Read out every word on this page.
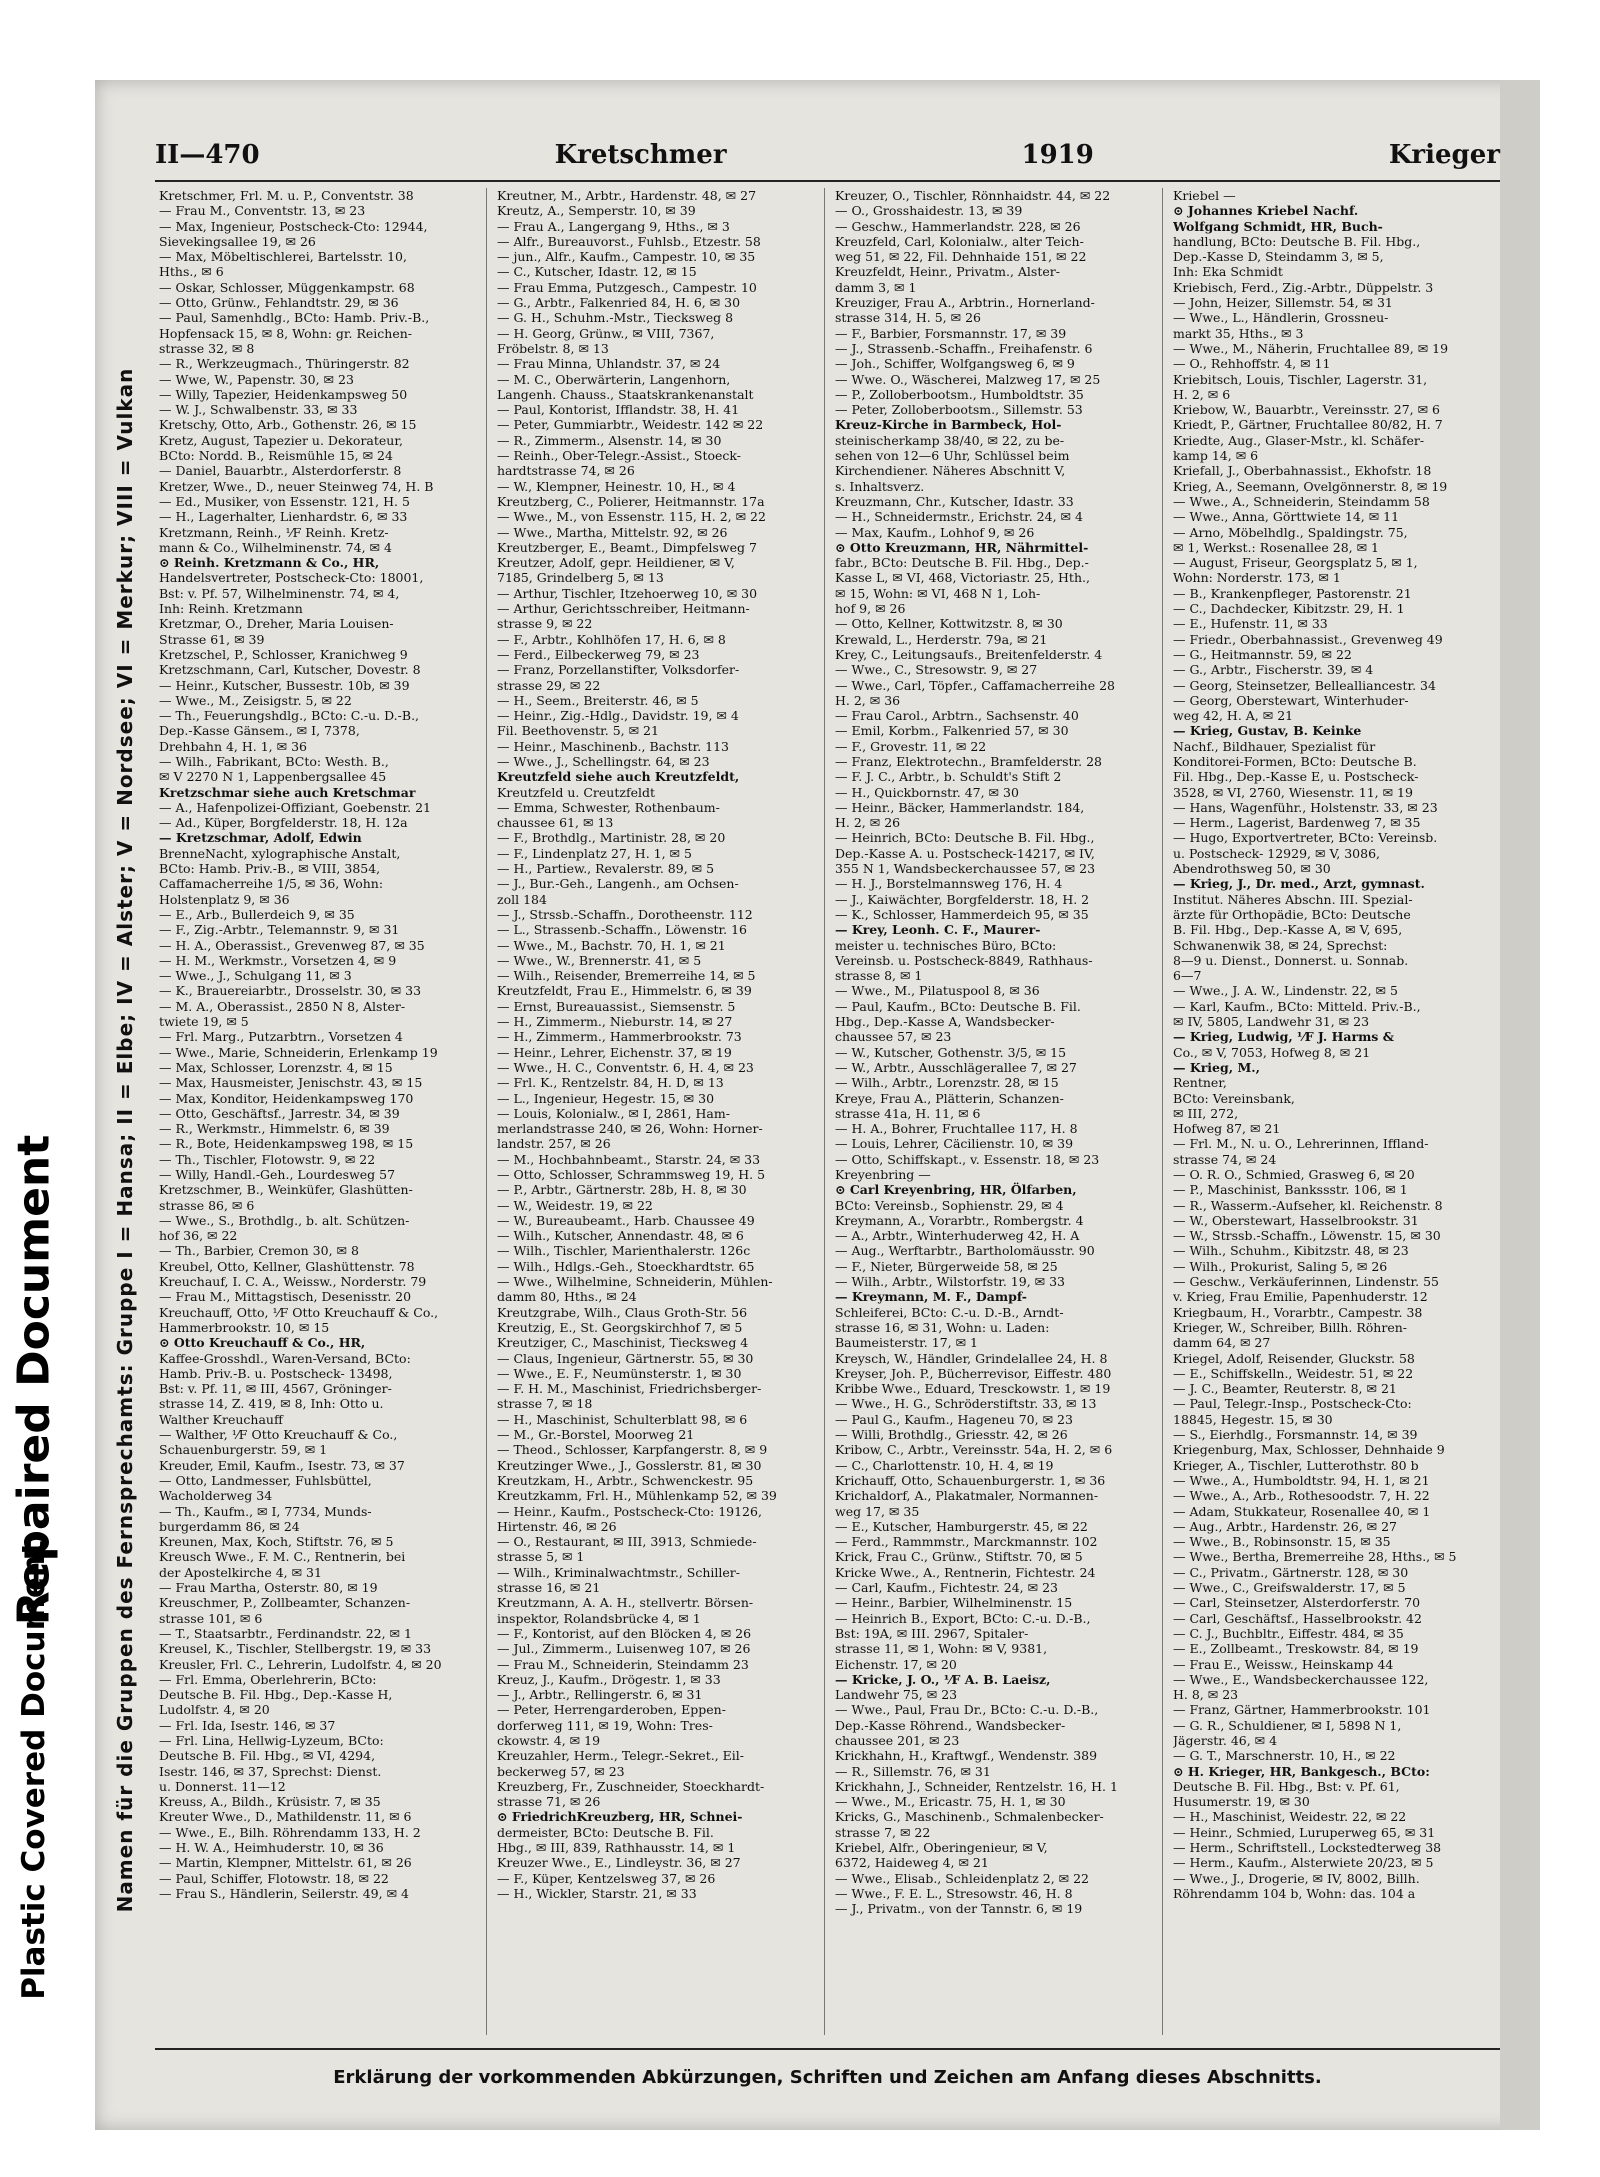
Repaired Document
Plastic Covered Document	Namen für die Gruppen des Fernsprechamts: Gruppe I = Hansa; II = Elbe; IV = Alster; V = Nordsee; VI = Merkur; VIII = Vulkan
II—470	Kretschmer	1919	Krieger
Kretschmer, Frl. M. u. P., Conventstr. 38
— Frau M., Conventstr. 13, ✉ 23
— Max, Ingenieur, Postscheck-Cto: 12944,
Sievekingsallee 19, ✉ 26
— Max, Möbeltischlerei, Bartelsstr. 10,
Hths., ✉ 6
— Oskar, Schlosser, Müggenkampstr. 68
— Otto, Grünw., Fehlandtstr. 29, ✉ 36
— Paul, Samenhdlg., BCto: Hamb. Priv.-B.,
Hopfensack 15, ✉ 8, Wohn: gr. Reichen-
strasse 32, ✉ 8
— R., Werkzeugmach., Thüringerstr. 82
— Wwe, W., Papenstr. 30, ✉ 23
— Willy, Tapezier, Heidenkampsweg 50
— W. J., Schwalbenstr. 33, ✉ 33
Kretschy, Otto, Arb., Gothenstr. 26, ✉ 15
Kretz, August, Tapezier u. Dekorateur,
BCto: Nordd. B., Reismühle 15, ✉ 24
— Daniel, Bauarbtr., Alsterdorferstr. 8
Kretzer, Wwe., D., neuer Steinweg 74, H. B
— Ed., Musiker, von Essenstr. 121, H. 5
— H., Lagerhalter, Lienhardstr. 6, ✉ 33
Kretzmann, Reinh., ⅟F Reinh. Kretz-
mann & Co., Wilhelminenstr. 74, ✉ 4
⊙ Reinh. Kretzmann & Co., HR,
Handelsvertreter, Postscheck-Cto: 18001,
Bst: v. Pf. 57, Wilhelminenstr. 74, ✉ 4,
Inh: Reinh. Kretzmann
Kretzmar, O., Dreher, Maria Louisen-
Strasse 61, ✉ 39
Kretzschel, P., Schlosser, Kranichweg 9
Kretzschmann, Carl, Kutscher, Dovestr. 8
— Heinr., Kutscher, Bussestr. 10b, ✉ 39
— Wwe., M., Zeisigstr. 5, ✉ 22
— Th., Feuerungshdlg., BCto: C.-u. D.-B.,
Dep.-Kasse Gänsem., ✉ I, 7378,
Drehbahn 4, H. 1, ✉ 36
— Wilh., Fabrikant, BCto: Westh. B.,
✉ V 2270 N 1, Lappenbergsallee 45
Kretzschmar siehe auch Kretschmar
— A., Hafenpolizei-Offiziant, Goebenstr. 21
— Ad., Küper, Borgfelderstr. 18, H. 12a
— Kretzschmar, Adolf, Edwin
BrenneNacht, xylographische Anstalt,
BCto: Hamb. Priv.-B., ✉ VIII, 3854,
Caffamacherreihe 1/5, ✉ 36, Wohn:
Holstenplatz 9, ✉ 36
— E., Arb., Bullerdeich 9, ✉ 35
— F., Zig.-Arbtr., Telemannstr. 9, ✉ 31
— H. A., Oberassist., Grevenweg 87, ✉ 35
— H. M., Werkmstr., Vorsetzen 4, ✉ 9
— Wwe., J., Schulgang 11, ✉ 3
— K., Brauereiarbtr., Drosselstr. 30, ✉ 33
— M. A., Oberassist., 2850 N 8, Alster-
twiete 19, ✉ 5
— Frl. Marg., Putzarbtrn., Vorsetzen 4
— Wwe., Marie, Schneiderin, Erlenkamp 19
— Max, Schlosser, Lorenzstr. 4, ✉ 15
— Max, Hausmeister, Jenischstr. 43, ✉ 15
— Max, Konditor, Heidenkampsweg 170
— Otto, Geschäftsf., Jarrestr. 34, ✉ 39
— R., Werkmstr., Himmelstr. 6, ✉ 39
— R., Bote, Heidenkampsweg 198, ✉ 15
— Th., Tischler, Flotowstr. 9, ✉ 22
— Willy, Handl.-Geh., Lourdesweg 57
Kretzschmer, B., Weinküfer, Glashütten-
strasse 86, ✉ 6
— Wwe., S., Brothdlg., b. alt. Schützen-
hof 36, ✉ 22
— Th., Barbier, Cremon 30, ✉ 8
Kreubel, Otto, Kellner, Glashüttenstr. 78
Kreuchauf, I. C. A., Weissw., Norderstr. 79
— Frau M., Mittagstisch, Desenisstr. 20
Kreuchauff, Otto, ⅟F Otto Kreuchauff & Co.,
Hammerbrookstr. 10, ✉ 15
⊙ Otto Kreuchauff & Co., HR,
Kaffee-Grosshdl., Waren-Versand, BCto:
Hamb. Priv.-B. u. Postscheck- 13498,
Bst: v. Pf. 11, ✉ III, 4567, Gröninger-
strasse 14, Z. 419, ✉ 8, Inh: Otto u.
Walther Kreuchauff
— Walther, ⅟F Otto Kreuchauff & Co.,
Schauenburgerstr. 59, ✉ 1
Kreuder, Emil, Kaufm., Isestr. 73, ✉ 37
— Otto, Landmesser, Fuhlsbüttel,
Wacholderweg 34
— Th., Kaufm., ✉ I, 7734, Munds-
burgerdamm 86, ✉ 24
Kreunen, Max, Koch, Stiftstr. 76, ✉ 5
Kreusch Wwe., F. M. C., Rentnerin, bei
der Apostelkirche 4, ✉ 31
— Frau Martha, Osterstr. 80, ✉ 19
Kreuschmer, P., Zollbeamter, Schanzen-
strasse 101, ✉ 6
— T., Staatsarbtr., Ferdinandstr. 22, ✉ 1
Kreusel, K., Tischler, Stellbergstr. 19, ✉ 33
Kreusler, Frl. C., Lehrerin, Ludolfstr. 4, ✉ 20
— Frl. Emma, Oberlehrerin, BCto:
Deutsche B. Fil. Hbg., Dep.-Kasse H,
Ludolfstr. 4, ✉ 20
— Frl. Ida, Isestr. 146, ✉ 37
— Frl. Lina, Hellwig-Lyzeum, BCto:
Deutsche B. Fil. Hbg., ✉ VI, 4294,
Isestr. 146, ✉ 37, Sprechst: Dienst.
u. Donnerst. 11—12
Kreuss, A., Bildh., Krüsistr. 7, ✉ 35
Kreuter Wwe., D., Mathildenstr. 11, ✉ 6
— Wwe., E., Bilh. Röhrendamm 133, H. 2
— H. W. A., Heimhuderstr. 10, ✉ 36
— Martin, Klempner, Mittelstr. 61, ✉ 26
— Paul, Schiffer, Flotowstr. 18, ✉ 22
— Frau S., Händlerin, Seilerstr. 49, ✉ 4
Kreutner, M., Arbtr., Hardenstr. 48, ✉ 27
Kreutz, A., Semperstr. 10, ✉ 39
— Frau A., Langergang 9, Hths., ✉ 3
— Alfr., Bureauvorst., Fuhlsb., Etzestr. 58
— jun., Alfr., Kaufm., Campestr. 10, ✉ 35
— C., Kutscher, Idastr. 12, ✉ 15
— Frau Emma, Putzgesch., Campestr. 10
— G., Arbtr., Falkenried 84, H. 6, ✉ 30
— G. H., Schuhm.-Mstr., Tiecksweg 8
— H. Georg, Grünw., ✉ VIII, 7367,
Fröbelstr. 8, ✉ 13
— Frau Minna, Uhlandstr. 37, ✉ 24
— M. C., Oberwärterin, Langenhorn,
Langenh. Chauss., Staatskrankenanstalt
— Paul, Kontorist, Ifflandstr. 38, H. 41
— Peter, Gummiarbtr., Weidestr. 142 ✉ 22
— R., Zimmerm., Alsenstr. 14, ✉ 30
— Reinh., Ober-Telegr.-Assist., Stoeck-
hardtstrasse 74, ✉ 26
— W., Klempner, Heinestr. 10, H., ✉ 4
Kreutzberg, C., Polierer, Heitmannstr. 17a
— Wwe., M., von Essenstr. 115, H. 2, ✉ 22
— Wwe., Martha, Mittelstr. 92, ✉ 26
Kreutzberger, E., Beamt., Dimpfelsweg 7
Kreutzer, Adolf, gepr. Heildiener, ✉ V,
7185, Grindelberg 5, ✉ 13
— Arthur, Tischler, Itzehoerweg 10, ✉ 30
— Arthur, Gerichtsschreiber, Heitmann-
strasse 9, ✉ 22
— F., Arbtr., Kohlhöfen 17, H. 6, ✉ 8
— Ferd., Eilbeckerweg 79, ✉ 23
— Franz, Porzellanstifter, Volksdorfer-
strasse 29, ✉ 22
— H., Seem., Breiterstr. 46, ✉ 5
— Heinr., Zig.-Hdlg., Davidstr. 19, ✉ 4
Fil. Beethovenstr. 5, ✉ 21
— Heinr., Maschinenb., Bachstr. 113
— Wwe., J., Schellingstr. 64, ✉ 23
Kreutzfeld siehe auch Kreutzfeldt,
Kreutzfeld u. Creutzfeldt
— Emma, Schwester, Rothenbaum-
chaussee 61, ✉ 13
— F., Brothdlg., Martinistr. 28, ✉ 20
— F., Lindenplatz 27, H. 1, ✉ 5
— H., Partiew., Revalerstr. 89, ✉ 5
— J., Bur.-Geh., Langenh., am Ochsen-
zoll 184
— J., Strssb.-Schaffn., Dorotheenstr. 112
— L., Strassenb.-Schaffn., Löwenstr. 16
— Wwe., M., Bachstr. 70, H. 1, ✉ 21
— Wwe., W., Brennerstr. 41, ✉ 5
— Wilh., Reisender, Bremerreihe 14, ✉ 5
Kreutzfeldt, Frau E., Himmelstr. 6, ✉ 39
— Ernst, Bureauassist., Siemsenstr. 5
— H., Zimmerm., Nieburstr. 14, ✉ 27
— H., Zimmerm., Hammerbrookstr. 73
— Heinr., Lehrer, Eichenstr. 37, ✉ 19
— Wwe., H. C., Conventstr. 6, H. 4, ✉ 23
— Frl. K., Rentzelstr. 84, H. D, ✉ 13
— L., Ingenieur, Hegestr. 15, ✉ 30
— Louis, Kolonialw., ✉ I, 2861, Ham-
merlandstrasse 240, ✉ 26, Wohn: Horner-
landstr. 257, ✉ 26
— M., Hochbahnbeamt., Starstr. 24, ✉ 33
— Otto, Schlosser, Schrammsweg 19, H. 5
— P., Arbtr., Gärtnerstr. 28b, H. 8, ✉ 30
— W., Weidestr. 19, ✉ 22
— W., Bureaubeamt., Harb. Chaussee 49
— Wilh., Kutscher, Annendastr. 48, ✉ 6
— Wilh., Tischler, Marienthalerstr. 126c
— Wilh., Hdlgs.-Geh., Stoeckhardtstr. 65
— Wwe., Wilhelmine, Schneiderin, Mühlen-
damm 80, Hths., ✉ 24
Kreutzgrabe, Wilh., Claus Groth-Str. 56
Kreutzig, E., St. Georgskirchhof 7, ✉ 5
Kreutziger, C., Maschinist, Tiecksweg 4
— Claus, Ingenieur, Gärtnerstr. 55, ✉ 30
— Wwe., E. F., Neumünsterstr. 1, ✉ 30
— F. H. M., Maschinist, Friedrichsberger-
strasse 7, ✉ 18
— H., Maschinist, Schulterblatt 98, ✉ 6
— M., Gr.-Borstel, Moorweg 21
— Theod., Schlosser, Karpfangerstr. 8, ✉ 9
Kreutzinger Wwe., J., Gosslerstr. 81, ✉ 30
Kreutzkam, H., Arbtr., Schwenckestr. 95
Kreutzkamm, Frl. H., Mühlenkamp 52, ✉ 39
— Heinr., Kaufm., Postscheck-Cto: 19126,
Hirtenstr. 46, ✉ 26
— O., Restaurant, ✉ III, 3913, Schmiede-
strasse 5, ✉ 1
— Wilh., Kriminalwachtmstr., Schiller-
strasse 16, ✉ 21
Kreutzmann, A. A. H., stellvertr. Börsen-
inspektor, Rolandsbrücke 4, ✉ 1
— F., Kontorist, auf den Blöcken 4, ✉ 26
— Jul., Zimmerm., Luisenweg 107, ✉ 26
— Frau M., Schneiderin, Steindamm 23
Kreuz, J., Kaufm., Drögestr. 1, ✉ 33
— J., Arbtr., Rellingerstr. 6, ✉ 31
— Peter, Herrengarderoben, Eppen-
dorferweg 111, ✉ 19, Wohn: Tres-
ckowstr. 4, ✉ 19
Kreuzahler, Herm., Telegr.-Sekret., Eil-
beckerweg 57, ✉ 23
Kreuzberg, Fr., Zuschneider, Stoeckhardt-
strasse 71, ✉ 26
⊙ FriedrichKreuzberg, HR, Schnei-
dermeister, BCto: Deutsche B. Fil.
Hbg., ✉ III, 839, Rathhausstr. 14, ✉ 1
Kreuzer Wwe., E., Lindleystr. 36, ✉ 27
— F., Küper, Kentzelsweg 37, ✉ 26
— H., Wickler, Starstr. 21, ✉ 33
Kreuzer, O., Tischler, Rönnhaidstr. 44, ✉ 22
— O., Grosshaidestr. 13, ✉ 39
— Geschw., Hammerlandstr. 228, ✉ 26
Kreuzfeld, Carl, Kolonialw., alter Teich-
weg 51, ✉ 22, Fil. Dehnhaide 151, ✉ 22
Kreuzfeldt, Heinr., Privatm., Alster-
damm 3, ✉ 1
Kreuziger, Frau A., Arbtrin., Hornerland-
strasse 314, H. 5, ✉ 26
— F., Barbier, Forsmannstr. 17, ✉ 39
— J., Strassenb.-Schaffn., Freihafenstr. 6
— Joh., Schiffer, Wolfgangsweg 6, ✉ 9
— Wwe. O., Wäscherei, Malzweg 17, ✉ 25
— P., Zolloberbootsm., Humboldtstr. 35
— Peter, Zolloberbootsm., Sillemstr. 53
Kreuz-Kirche in Barmbeck, Hol-
steinischerkamp 38/40, ✉ 22, zu be-
sehen von 12—6 Uhr, Schlüssel beim
Kirchendiener. Näheres Abschnitt V,
s. Inhaltsverz.
Kreuzmann, Chr., Kutscher, Idastr. 33
— H., Schneidermstr., Erichstr. 24, ✉ 4
— Max, Kaufm., Lohhof 9, ✉ 26
⊙ Otto Kreuzmann, HR, Nährmittel-
fabr., BCto: Deutsche B. Fil. Hbg., Dep.-
Kasse L, ✉ VI, 468, Victoriastr. 25, Hth.,
✉ 15, Wohn: ✉ VI, 468 N 1, Loh-
hof 9, ✉ 26
— Otto, Kellner, Kottwitzstr. 8, ✉ 30
Krewald, L., Herderstr. 79a, ✉ 21
Krey, C., Leitungsaufs., Breitenfelderstr. 4
— Wwe., C., Stresowstr. 9, ✉ 27
— Wwe., Carl, Töpfer., Caffamacherreihe 28
H. 2, ✉ 36
— Frau Carol., Arbtrn., Sachsenstr. 40
— Emil, Korbm., Falkenried 57, ✉ 30
— F., Grovestr. 11, ✉ 22
— Franz, Elektrotechn., Bramfelderstr. 28
— F. J. C., Arbtr., b. Schuldt's Stift 2
— H., Quickbornstr. 47, ✉ 30
— Heinr., Bäcker, Hammerlandstr. 184,
H. 2, ✉ 26
— Heinrich, BCto: Deutsche B. Fil. Hbg.,
Dep.-Kasse A. u. Postscheck-14217, ✉ IV,
355 N 1, Wandsbeckerchaussee 57, ✉ 23
— H. J., Borstelmannsweg 176, H. 4
— J., Kaiwächter, Borgfelderstr. 18, H. 2
— K., Schlosser, Hammerdeich 95, ✉ 35
— Krey, Leonh. C. F., Maurer-
meister u. technisches Büro, BCto:
Vereinsb. u. Postscheck-8849, Rathhaus-
strasse 8, ✉ 1
— Wwe., M., Pilatuspool 8, ✉ 36
— Paul, Kaufm., BCto: Deutsche B. Fil.
Hbg., Dep.-Kasse A, Wandsbecker-
chaussee 57, ✉ 23
— W., Kutscher, Gothenstr. 3/5, ✉ 15
— W., Arbtr., Ausschlägerallee 7, ✉ 27
— Wilh., Arbtr., Lorenzstr. 28, ✉ 15
Kreye, Frau A., Plätterin, Schanzen-
strasse 41a, H. 11, ✉ 6
— H. A., Bohrer, Fruchtallee 117, H. 8
— Louis, Lehrer, Cäcilienstr. 10, ✉ 39
— Otto, Schiffskapt., v. Essenstr. 18, ✉ 23
Kreyenbring —
⊙ Carl Kreyenbring, HR, Ölfarben,
BCto: Vereinsb., Sophienstr. 29, ✉ 4
Kreymann, A., Vorarbtr., Rombergstr. 4
— A., Arbtr., Winterhuderweg 42, H. A
— Aug., Werftarbtr., Bartholomäusstr. 90
— F., Nieter, Bürgerweide 58, ✉ 25
— Wilh., Arbtr., Wilstorfstr. 19, ✉ 33
— Kreymann, M. F., Dampf-
Schleiferei, BCto: C.-u. D.-B., Arndt-
strasse 16, ✉ 31, Wohn: u. Laden:
Baumeisterstr. 17, ✉ 1
Kreysch, W., Händler, Grindelallee 24, H. 8
Kreyser, Joh. P., Bücherrevisor, Eiffestr. 480
Kribbe Wwe., Eduard, Tresckowstr. 1, ✉ 19
— Wwe., H. G., Schröderstiftstr. 33, ✉ 13
— Paul G., Kaufm., Hageneu 70, ✉ 23
— Willi, Brothdlg., Griesstr. 42, ✉ 26
Kribow, C., Arbtr., Vereinsstr. 54a, H. 2, ✉ 6
— C., Charlottenstr. 10, H. 4, ✉ 19
Krichauff, Otto, Schauenburgerstr. 1, ✉ 36
Krichaldorf, A., Plakatmaler, Normannen-
weg 17, ✉ 35
— E., Kutscher, Hamburgerstr. 45, ✉ 22
— Ferd., Rammmstr., Marckmannstr. 102
Krick, Frau C., Grünw., Stiftstr. 70, ✉ 5
Kricke Wwe., A., Rentnerin, Fichtestr. 24
— Carl, Kaufm., Fichtestr. 24, ✉ 23
— Heinr., Barbier, Wilhelminenstr. 15
— Heinrich B., Export, BCto: C.-u. D.-B.,
Bst: 19A, ✉ III. 2967, Spitaler-
strasse 11, ✉ 1, Wohn: ✉ V, 9381,
Eichenstr. 17, ✉ 20
— Kricke, J. O., ⅟F A. B. Laeisz,
Landwehr 75, ✉ 23
— Wwe., Paul, Frau Dr., BCto: C.-u. D.-B.,
Dep.-Kasse Röhrend., Wandsbecker-
chaussee 201, ✉ 23
Krickhahn, H., Kraftwgf., Wendenstr. 389
— R., Sillemstr. 76, ✉ 31
Krickhahn, J., Schneider, Rentzelstr. 16, H. 1
— Wwe., M., Ericastr. 75, H. 1, ✉ 30
Kricks, G., Maschinenb., Schmalenbecker-
strasse 7, ✉ 22
Kriebel, Alfr., Oberingenieur, ✉ V,
6372, Haideweg 4, ✉ 21
— Wwe., Elisab., Schleidenplatz 2, ✉ 22
— Wwe., F. E. L., Stresowstr. 46, H. 8
— J., Privatm., von der Tannstr. 6, ✉ 19
Kriebel —
⊙ Johannes Kriebel Nachf.
Wolfgang Schmidt, HR, Buch-
handlung, BCto: Deutsche B. Fil. Hbg.,
Dep.-Kasse D, Steindamm 3, ✉ 5,
Inh: Eka Schmidt
Kriebisch, Ferd., Zig.-Arbtr., Düppelstr. 3
— John, Heizer, Sillemstr. 54, ✉ 31
— Wwe., L., Händlerin, Grossneu-
markt 35, Hths., ✉ 3
— Wwe., M., Näherin, Fruchtallee 89, ✉ 19
— O., Rehhoffstr. 4, ✉ 11
Kriebitsch, Louis, Tischler, Lagerstr. 31,
H. 2, ✉ 6
Kriebow, W., Bauarbtr., Vereinsstr. 27, ✉ 6
Kriedt, P., Gärtner, Fruchtallee 80/82, H. 7
Kriedte, Aug., Glaser-Mstr., kl. Schäfer-
kamp 14, ✉ 6
Kriefall, J., Oberbahnassist., Ekhofstr. 18
Krieg, A., Seemann, Ovelgönnerstr. 8, ✉ 19
— Wwe., A., Schneiderin, Steindamm 58
— Wwe., Anna, Görttwiete 14, ✉ 11
— Arno, Möbelhdlg., Spaldingstr. 75,
✉ 1, Werkst.: Rosenallee 28, ✉ 1
— August, Friseur, Georgsplatz 5, ✉ 1,
Wohn: Norderstr. 173, ✉ 1
— B., Krankenpfleger, Pastorenstr. 21
— C., Dachdecker, Kibitzstr. 29, H. 1
— E., Hufenstr. 11, ✉ 33
— Friedr., Oberbahnassist., Grevenweg 49
— G., Heitmannstr. 59, ✉ 22
— G., Arbtr., Fischerstr. 39, ✉ 4
— Georg, Steinsetzer, Bellealliancestr. 34
— Georg, Oberstewart, Winterhuder-
weg 42, H. A, ✉ 21
— Krieg, Gustav, B. Keinke
Nachf., Bildhauer, Spezialist für
Konditorei-Formen, BCto: Deutsche B.
Fil. Hbg., Dep.-Kasse E, u. Postscheck-
3528, ✉ VI, 2760, Wiesenstr. 11, ✉ 19
— Hans, Wagenführ., Holstenstr. 33, ✉ 23
— Herm., Lagerist, Bardenweg 7, ✉ 35
— Hugo, Exportvertreter, BCto: Vereinsb.
u. Postscheck- 12929, ✉ V, 3086,
Abendrothsweg 50, ✉ 30
— Krieg, J., Dr. med., Arzt, gymnast.
Institut. Näheres Abschn. III. Spezial-
ärzte für Orthopädie, BCto: Deutsche
B. Fil. Hbg., Dep.-Kasse A, ✉ V, 695,
Schwanenwik 38, ✉ 24, Sprechst:
8—9 u. Dienst., Donnerst. u. Sonnab.
6—7
— Wwe., J. A. W., Lindenstr. 22, ✉ 5
— Karl, Kaufm., BCto: Mitteld. Priv.-B.,
✉ IV, 5805, Landwehr 31, ✉ 23
— Krieg, Ludwig, ⅟F J. Harms &
Co., ✉ V, 7053, Hofweg 8, ✉ 21
— Krieg, M.,
Rentner,
BCto: Vereinsbank,
✉ III, 272,
Hofweg 87, ✉ 21
— Frl. M., N. u. O., Lehrerinnen, Iffland-
strasse 74, ✉ 24
— O. R. O., Schmied, Grasweg 6, ✉ 20
— P., Maschinist, Bankssstr. 106, ✉ 1
— R., Wasserm.-Aufseher, kl. Reichenstr. 8
— W., Oberstewart, Hasselbrookstr. 31
— W., Strssb.-Schaffn., Löwenstr. 15, ✉ 30
— Wilh., Schuhm., Kibitzstr. 48, ✉ 23
— Wilh., Prokurist, Saling 5, ✉ 26
— Geschw., Verkäuferinnen, Lindenstr. 55
v. Krieg, Frau Emilie, Papenhuderstr. 12
Kriegbaum, H., Vorarbtr., Campestr. 38
Krieger, W., Schreiber, Billh. Röhren-
damm 64, ✉ 27
Kriegel, Adolf, Reisender, Gluckstr. 58
— E., Schiffskelln., Weidestr. 51, ✉ 22
— J. C., Beamter, Reuterstr. 8, ✉ 21
— Paul, Telegr.-Insp., Postscheck-Cto:
18845, Hegestr. 15, ✉ 30
— S., Eierhdlg., Forsmannstr. 14, ✉ 39
Kriegenburg, Max, Schlosser, Dehnhaide 9
Krieger, A., Tischler, Lutterothstr. 80 b
— Wwe., A., Humboldtstr. 94, H. 1, ✉ 21
— Wwe., A., Arb., Rothesoodstr. 7, H. 22
— Adam, Stukkateur, Rosenallee 40, ✉ 1
— Aug., Arbtr., Hardenstr. 26, ✉ 27
— Wwe., B., Robinsonstr. 15, ✉ 35
— Wwe., Bertha, Bremerreihe 28, Hths., ✉ 5
— C., Privatm., Gärtnerstr. 128, ✉ 30
— Wwe., C., Greifswalderstr. 17, ✉ 5
— Carl, Steinsetzer, Alsterdorferstr. 70
— Carl, Geschäftsf., Hasselbrookstr. 42
— C. J., Buchbltr., Eiffestr. 484, ✉ 35
— E., Zollbeamt., Treskowstr. 84, ✉ 19
— Frau E., Weissw., Heinskamp 44
— Wwe., E., Wandsbeckerchaussee 122,
H. 8, ✉ 23
— Franz, Gärtner, Hammerbrookstr. 101
— G. R., Schuldiener, ✉ I, 5898 N 1,
Jägerstr. 46, ✉ 4
— G. T., Marschnerstr. 10, H., ✉ 22
⊙ H. Krieger, HR, Bankgesch., BCto:
Deutsche B. Fil. Hbg., Bst: v. Pf. 61,
Husumerstr. 19, ✉ 30
— H., Maschinist, Weidestr. 22, ✉ 22
— Heinr., Schmied, Luruperweg 65, ✉ 31
— Herm., Schriftstell., Lockstedterweg 38
— Herm., Kaufm., Alsterwiete 20/23, ✉ 5
— Wwe., J., Drogerie, ✉ IV, 8002, Billh.
Röhrendamm 104 b, Wohn: das. 104 a
Erklärung der vorkommenden Abkürzungen, Schriften und Zeichen am Anfang dieses Abschnitts.
